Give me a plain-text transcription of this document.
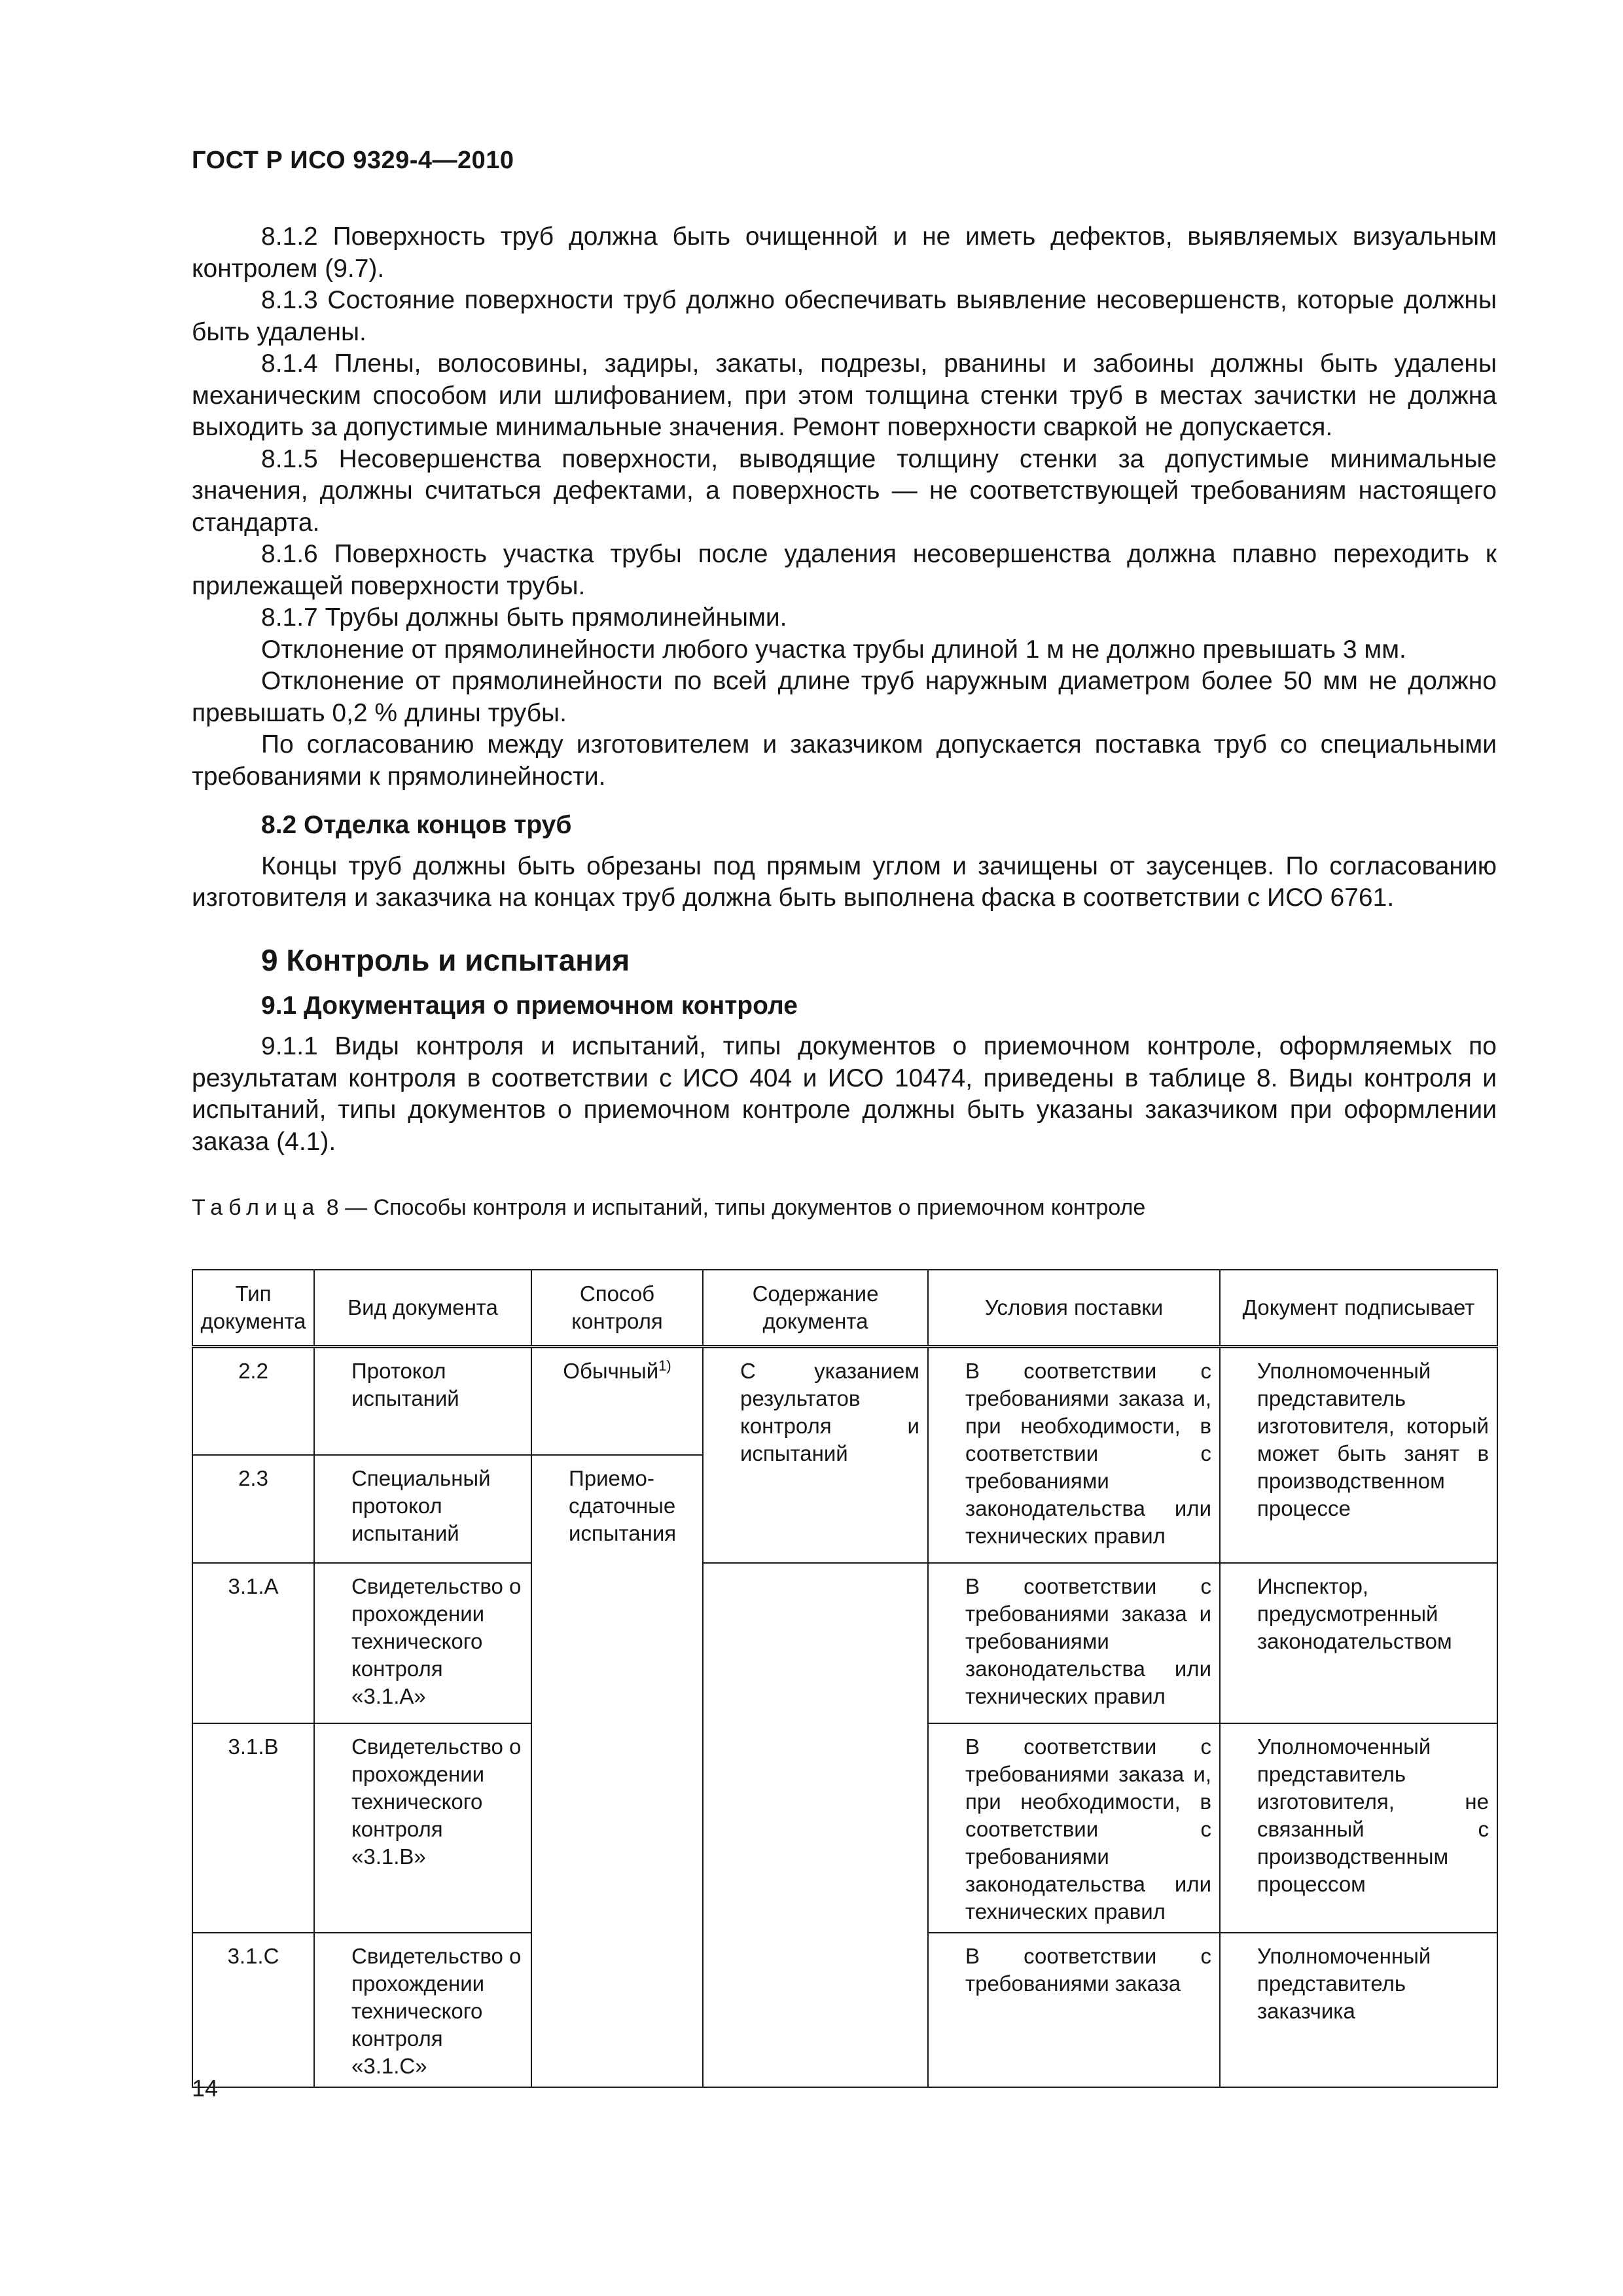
ГОСТ Р ИСО 9329-4—2010

8.1.2 Поверхность труб должна быть очищенной и не иметь дефектов, выявляемых визуальным контролем (9.7).

8.1.3 Состояние поверхности труб должно обеспечивать выявление несовершенств, которые должны быть удалены.

8.1.4 Плены, волосовины, задиры, закаты, подрезы, рванины и забоины должны быть удалены механическим способом или шлифованием, при этом толщина стенки труб в местах зачистки не должна выходить за допустимые минимальные значения. Ремонт поверхности сваркой не допускается.

8.1.5 Несовершенства поверхности, выводящие толщину стенки за допустимые минимальные значения, должны считаться дефектами, а поверхность — не соответствующей требованиям настоящего стандарта.

8.1.6 Поверхность участка трубы после удаления несовершенства должна плавно переходить к прилежащей поверхности трубы.

8.1.7 Трубы должны быть прямолинейными.

Отклонение от прямолинейности любого участка трубы длиной 1 м не должно превышать 3 мм.

Отклонение от прямолинейности по всей длине труб наружным диаметром более 50 мм не должно превышать 0,2 % длины трубы.

По согласованию между изготовителем и заказчиком допускается поставка труб со специальными требованиями к прямолинейности.

8.2 Отделка концов труб

Концы труб должны быть обрезаны под прямым углом и зачищены от заусенцев. По согласованию изготовителя и заказчика на концах труб должна быть выполнена фаска в соответствии с ИСО 6761.

9 Контроль и испытания
9.1 Документация о приемочном контроле

9.1.1 Виды контроля и испытаний, типы документов о приемочном контроле, оформляемых по результатам контроля в соответствии с ИСО 404 и ИСО 10474, приведены в таблице 8. Виды контроля и испытаний, типы документов о приемочном контроле должны быть указаны заказчиком при оформлении заказа (4.1).

Таблица 8 — Способы контроля и испытаний, типы документов о приемочном контроле
Тип документа	Вид документа	Способ контроля	Содержание документа	Условия поставки	Документ подписывает
2.2	Протокол испытаний	Обычный$^{1)}$	С указанием результатов контроля и испытаний	В соответствии с требованиями заказа и, при необходимости, в соответствии с требованиями законодательства или технических правил	Уполномоченный представитель изготовителя, который может быть занят в производственном процессе
2.3	Специальный протокол испытаний	Приемо-сдаточные испытания			
3.1.A	Свидетельство о прохождении технического контроля «3.1.A»			В соответствии с требованиями заказа и требованиями законодательства или технических правил	Инспектор, предусмотренный законодательством
3.1.B	Свидетельство о прохождении технического контроля «3.1.B»			В соответствии с требованиями заказа и, при необходимости, в соответствии с требованиями законодательства или технических правил	Уполномоченный представитель изготовителя, не связанный с производственным процессом
3.1.C	Свидетельство о прохождении технического контроля «3.1.C»			В соответствии с требованиями заказа	Уполномоченный представитель заказчика
14
